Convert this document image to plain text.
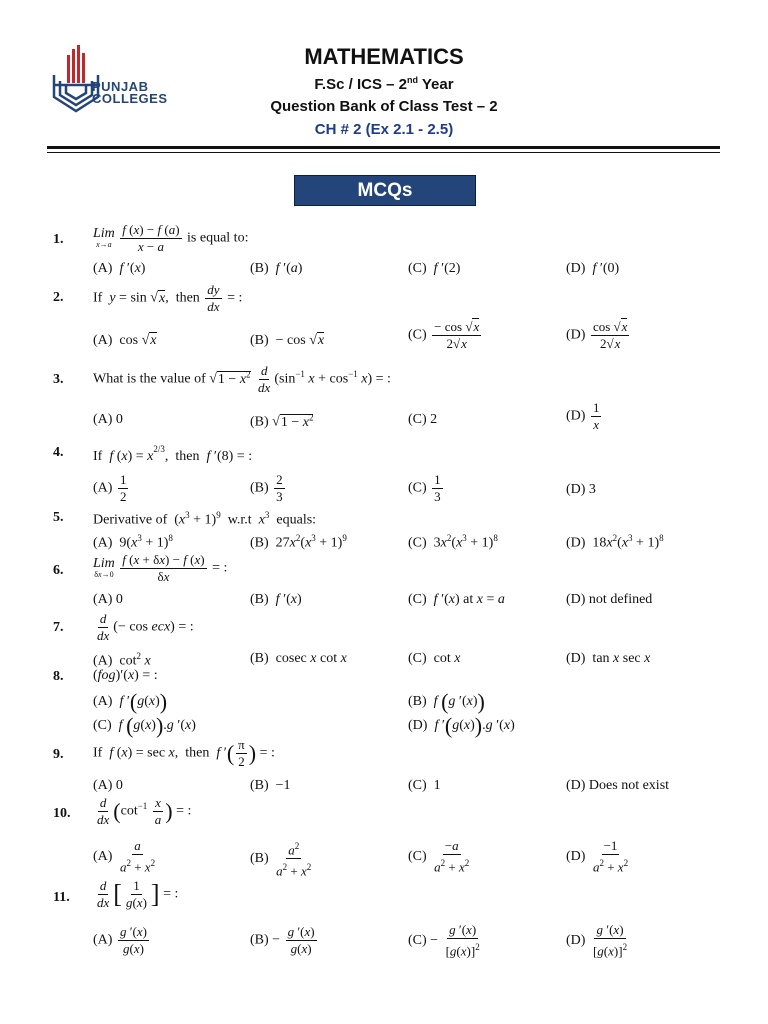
PUNJAB
COLLEGES
MATHEMATICS
F.Sc / ICS – 2nd Year
Question Bank of Class Test – 2
CH # 2 (Ex 2.1 - 2.5)
MCQs
1. Lim
x→a
$\frac{f (x) - f (a)}{x - a}$ is equal to:
(A)  f ′(x)	(B)  f ′(a)	(C)  f ′(2)	(D)  f ′(0)
2. If  y = sin √x,  then $\frac{dy}{dx}$ = :
(A)  cos √x	(B)  − cos √x	$(C) \frac{- \cos √x}{2√x}$	$(D) \frac{\cos √x}{2√x}$
3. What is the value of $√1 - x^2 \frac{d}{dx} (\sin^{-1}$ $x + \cos^{-1} x$) = :
(A) 0	(B) $√1 - x^2$	(C) 2	$(D) \frac{1}{x}$
4. If  f $(x) = x^{2/3}$,  then  f ′(8) = :
$(A) \frac{1}{2}$	$(B) \frac{2}{3}$	$(C) \frac{1}{3}$	(D) 3
5. Derivative of  $(x^3 + 1)^9$  w.r.t  $x^3$  equals:
(A)  $9(x^3 + 1)^8$	(B)  $27x^2(x^3 + 1)^9$	(C)  $3x^2(x^3 + 1)^8$	(D)  $18x^2(x^3 + 1)^8$
6. Lim
δx→0
$\frac{f (x + \delta x) - f (x)}{\delta x}$ = :
(A) 0	(B)  f ′(x)	(C)  f ′(x) at x = a	(D) not defined
7. $\frac{d}{dx}$ (− cos ecx) = :
(A)  $\cot^2 x$	(B)  cosec x cot x	(C)  cot x	(D)  tan x sec x
8. (fog)′(x) = :
(A)  f ′(g(x))	(B)  f (g ′(x))
(C)  f (g(x)).g ′(x)	(D)  f ′(g(x)).g ′(x)
9. If  f (x) = sec x,  then  f ′( $\frac{\pi}{2}$ ) = :
(A) 0	(B)  −1	(C)  1	(D) Does not exist
10. $\frac{d}{dx} (\cot^{-1} \frac{x}{a}$ ) = :
$(A) \frac{a}{a^2 + x^2}$	$(B) \frac{a^2}{a^2 + x^2}$	$(C) \frac{-a}{a^2 + x^2}$	$(D) \frac{-1}{a^2 + x^2}$
11. $\frac{d}{dx}$ [ $\frac{1}{g(x)}$ ] = :
$(A) \frac{g '(x)}{g(x)}$	$(B) - \frac{g '(x)}{g(x)}$	$(C) - \frac{g '(x)}{[g(x)]^2}$	$(D) \frac{g '(x)}{[g(x)]^2}$
